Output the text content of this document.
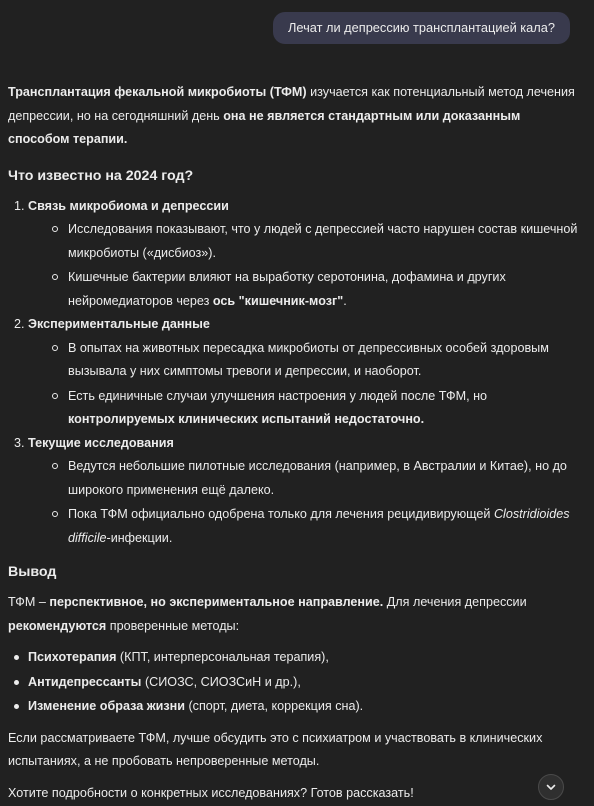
Лечат ли депрессию трансплантацией кала?

Трансплантация фекальной микробиоты (ТФМ) изучается как потенциальный метод лечения депрессии, но на сегодняшний день она не является стандартным или доказанным способом терапии.

Что известно на 2024 год?
1. Связь микробиома и депрессии
Исследования показывают, что у людей с депрессией часто нарушен состав кишечной микробиоты («дисбиоз»).
Кишечные бактерии влияют на выработку серотонина, дофамина и других нейромедиаторов через ось "кишечник-мозг".
2. Экспериментальные данные
В опытах на животных пересадка микробиоты от депрессивных особей здоровым вызывала у них симптомы тревоги и депрессии, и наоборот.
Есть единичные случаи улучшения настроения у людей после ТФМ, но контролируемых клинических испытаний недостаточно.
3. Текущие исследования
Ведутся небольшие пилотные исследования (например, в Австралии и Китае), но до широкого применения ещё далеко.
Пока ТФМ официально одобрена только для лечения рецидивирующей Clostridioides difficile-инфекции.
Вывод

ТФМ – перспективное, но экспериментальное направление. Для лечения депрессии рекомендуются проверенные методы:

Психотерапия (КПТ, интерперсональная терапия),
Антидепрессанты (СИОЗС, СИОЗСиН и др.),
Изменение образа жизни (спорт, диета, коррекция сна).

Если рассматриваете ТФМ, лучше обсудить это с психиатром и участвовать в клинических испытаниях, а не пробовать непроверенные методы.

Хотите подробности о конкретных исследованиях? Готов рассказать!
